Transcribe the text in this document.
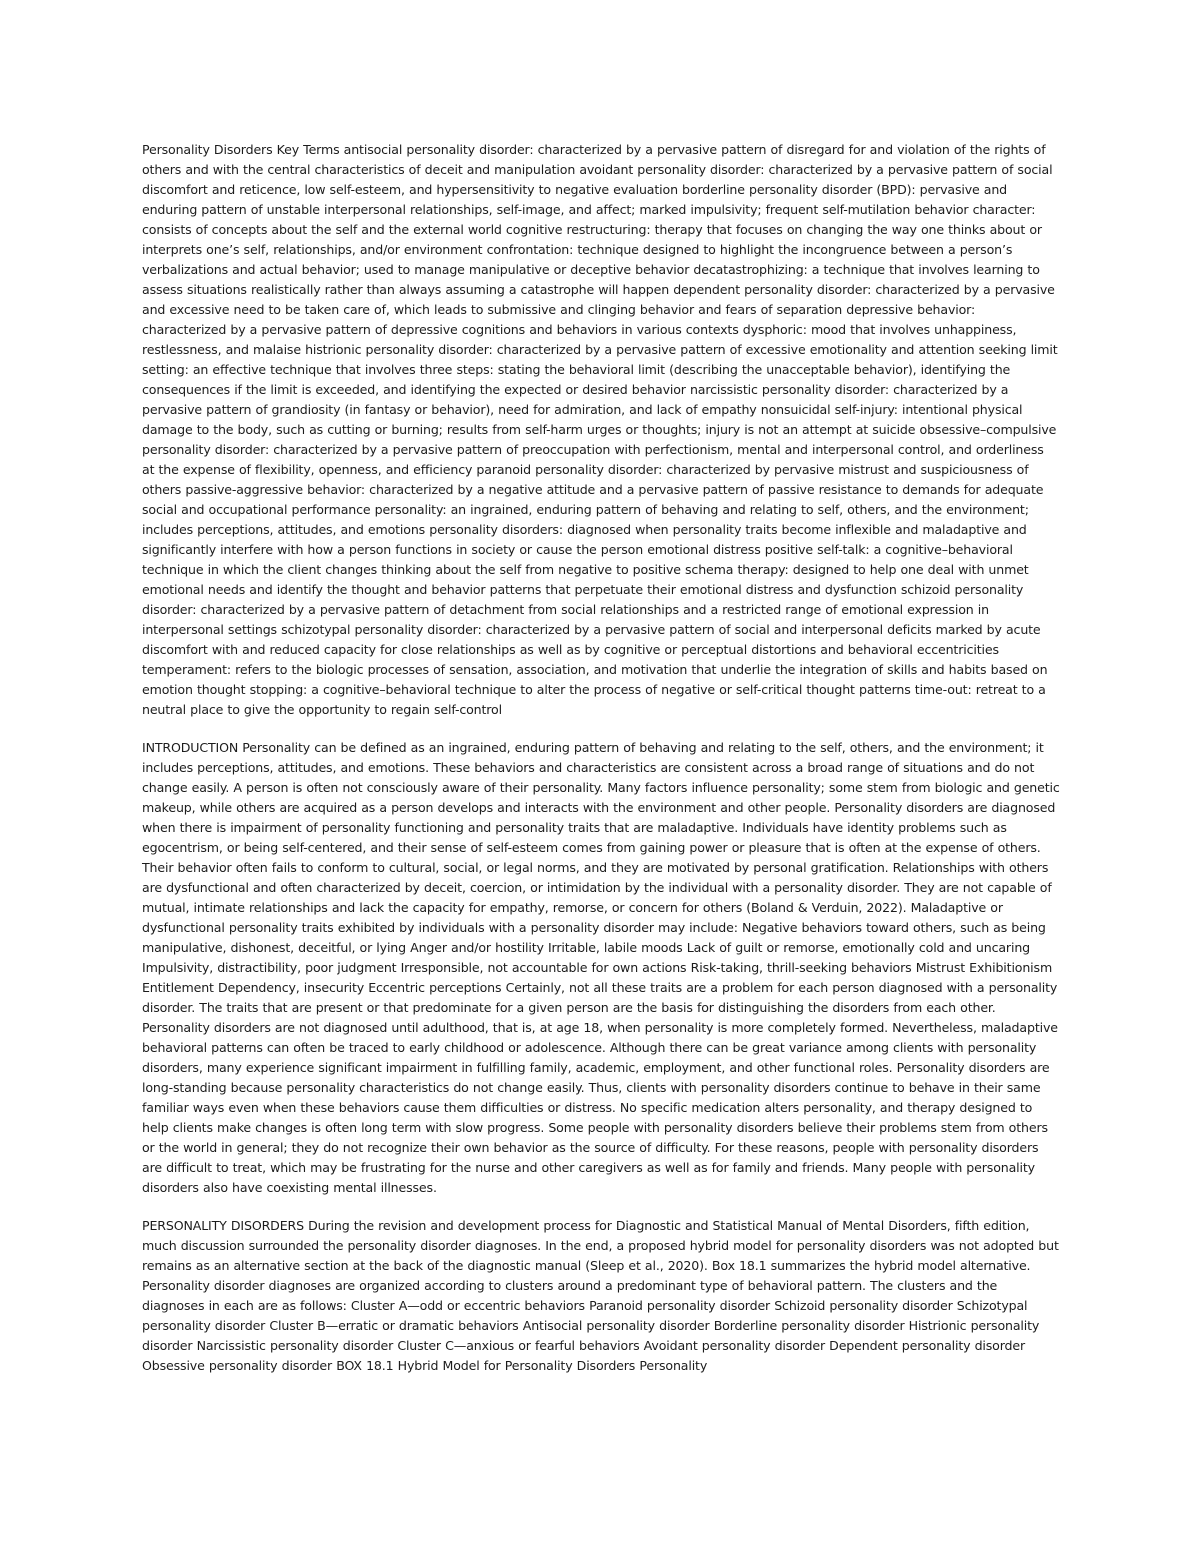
Personality Disorders Key Terms antisocial personality disorder: characterized by a pervasive pattern of disregard for and violation of the rights of others and with the central characteristics of deceit and manipulation avoidant personality disorder: characterized by a pervasive pattern of social discomfort and reticence, low self-esteem, and hypersensitivity to negative evaluation borderline personality disorder (BPD): pervasive and enduring pattern of unstable interpersonal relationships, self-image, and affect; marked impulsivity; frequent self-mutilation behavior character: consists of concepts about the self and the external world cognitive restructuring: therapy that focuses on changing the way one thinks about or interprets one’s self, relationships, and/or environment confrontation: technique designed to highlight the incongruence between a person’s verbalizations and actual behavior; used to manage manipulative or deceptive behavior decatastrophizing: a technique that involves learning to assess situations realistically rather than always assuming a catastrophe will happen dependent personality disorder: characterized by a pervasive and excessive need to be taken care of, which leads to submissive and clinging behavior and fears of separation depressive behavior: characterized by a pervasive pattern of depressive cognitions and behaviors in various contexts dysphoric: mood that involves unhappiness, restlessness, and malaise histrionic personality disorder: characterized by a pervasive pattern of excessive emotionality and attention seeking limit setting: an effective technique that involves three steps: stating the behavioral limit (describing the unacceptable behavior), identifying the consequences if the limit is exceeded, and identifying the expected or desired behavior narcissistic personality disorder: characterized by a pervasive pattern of grandiosity (in fantasy or behavior), need for admiration, and lack of empathy nonsuicidal self-injury: intentional physical damage to the body, such as cutting or burning; results from self-harm urges or thoughts; injury is not an attempt at suicide obsessive–compulsive personality disorder: characterized by a pervasive pattern of preoccupation with perfectionism, mental and interpersonal control, and orderliness at the expense of flexibility, openness, and efficiency paranoid personality disorder: characterized by pervasive mistrust and suspiciousness of others passive-aggressive behavior: characterized by a negative attitude and a pervasive pattern of passive resistance to demands for adequate social and occupational performance personality: an ingrained, enduring pattern of behaving and relating to self, others, and the environment; includes perceptions, attitudes, and emotions personality disorders: diagnosed when personality traits become inflexible and maladaptive and significantly interfere with how a person functions in society or cause the person emotional distress positive self-talk: a cognitive–behavioral technique in which the client changes thinking about the self from negative to positive schema therapy: designed to help one deal with unmet emotional needs and identify the thought and behavior patterns that perpetuate their emotional distress and dysfunction schizoid personality disorder: characterized by a pervasive pattern of detachment from social relationships and a restricted range of emotional expression in interpersonal settings schizotypal personality disorder: characterized by a pervasive pattern of social and interpersonal deficits marked by acute discomfort with and reduced capacity for close relationships as well as by cognitive or perceptual distortions and behavioral eccentricities temperament: refers to the biologic processes of sensation, association, and motivation that underlie the integration of skills and habits based on emotion thought stopping: a cognitive–behavioral technique to alter the process of negative or self-critical thought patterns time-out: retreat to a neutral place to give the opportunity to regain self-control

INTRODUCTION Personality can be defined as an ingrained, enduring pattern of behaving and relating to the self, others, and the environment; it includes perceptions, attitudes, and emotions. These behaviors and characteristics are consistent across a broad range of situations and do not change easily. A person is often not consciously aware of their personality. Many factors influence personality; some stem from biologic and genetic makeup, while others are acquired as a person develops and interacts with the environment and other people. Personality disorders are diagnosed when there is impairment of personality functioning and personality traits that are maladaptive. Individuals have identity problems such as egocentrism, or being self-centered, and their sense of self-esteem comes from gaining power or pleasure that is often at the expense of others. Their behavior often fails to conform to cultural, social, or legal norms, and they are motivated by personal gratification. Relationships with others are dysfunctional and often characterized by deceit, coercion, or intimidation by the individual with a personality disorder. They are not capable of mutual, intimate relationships and lack the capacity for empathy, remorse, or concern for others (Boland & Verduin, 2022). Maladaptive or dysfunctional personality traits exhibited by individuals with a personality disorder may include: Negative behaviors toward others, such as being manipulative, dishonest, deceitful, or lying Anger and/or hostility Irritable, labile moods Lack of guilt or remorse, emotionally cold and uncaring Impulsivity, distractibility, poor judgment Irresponsible, not accountable for own actions Risk-taking, thrill-seeking behaviors Mistrust Exhibitionism Entitlement Dependency, insecurity Eccentric perceptions Certainly, not all these traits are a problem for each person diagnosed with a personality disorder. The traits that are present or that predominate for a given person are the basis for distinguishing the disorders from each other. Personality disorders are not diagnosed until adulthood, that is, at age 18, when personality is more completely formed. Nevertheless, maladaptive behavioral patterns can often be traced to early childhood or adolescence. Although there can be great variance among clients with personality disorders, many experience significant impairment in fulfilling family, academic, employment, and other functional roles. Personality disorders are long-standing because personality characteristics do not change easily. Thus, clients with personality disorders continue to behave in their same familiar ways even when these behaviors cause them difficulties or distress. No specific medication alters personality, and therapy designed to help clients make changes is often long term with slow progress. Some people with personality disorders believe their problems stem from others or the world in general; they do not recognize their own behavior as the source of difficulty. For these reasons, people with personality disorders are difficult to treat, which may be frustrating for the nurse and other caregivers as well as for family and friends. Many people with personality disorders also have coexisting mental illnesses.

PERSONALITY DISORDERS During the revision and development process for Diagnostic and Statistical Manual of Mental Disorders, fifth edition, much discussion surrounded the personality disorder diagnoses. In the end, a proposed hybrid model for personality disorders was not adopted but remains as an alternative section at the back of the diagnostic manual (Sleep et al., 2020). Box 18.1 summarizes the hybrid model alternative. Personality disorder diagnoses are organized according to clusters around a predominant type of behavioral pattern. The clusters and the diagnoses in each are as follows: Cluster A—odd or eccentric behaviors Paranoid personality disorder Schizoid personality disorder Schizotypal personality disorder Cluster B—erratic or dramatic behaviors Antisocial personality disorder Borderline personality disorder Histrionic personality disorder Narcissistic personality disorder Cluster C—anxious or fearful behaviors Avoidant personality disorder Dependent personality disorder Obsessive personality disorder BOX 18.1 Hybrid Model for Personality Disorders Personality
